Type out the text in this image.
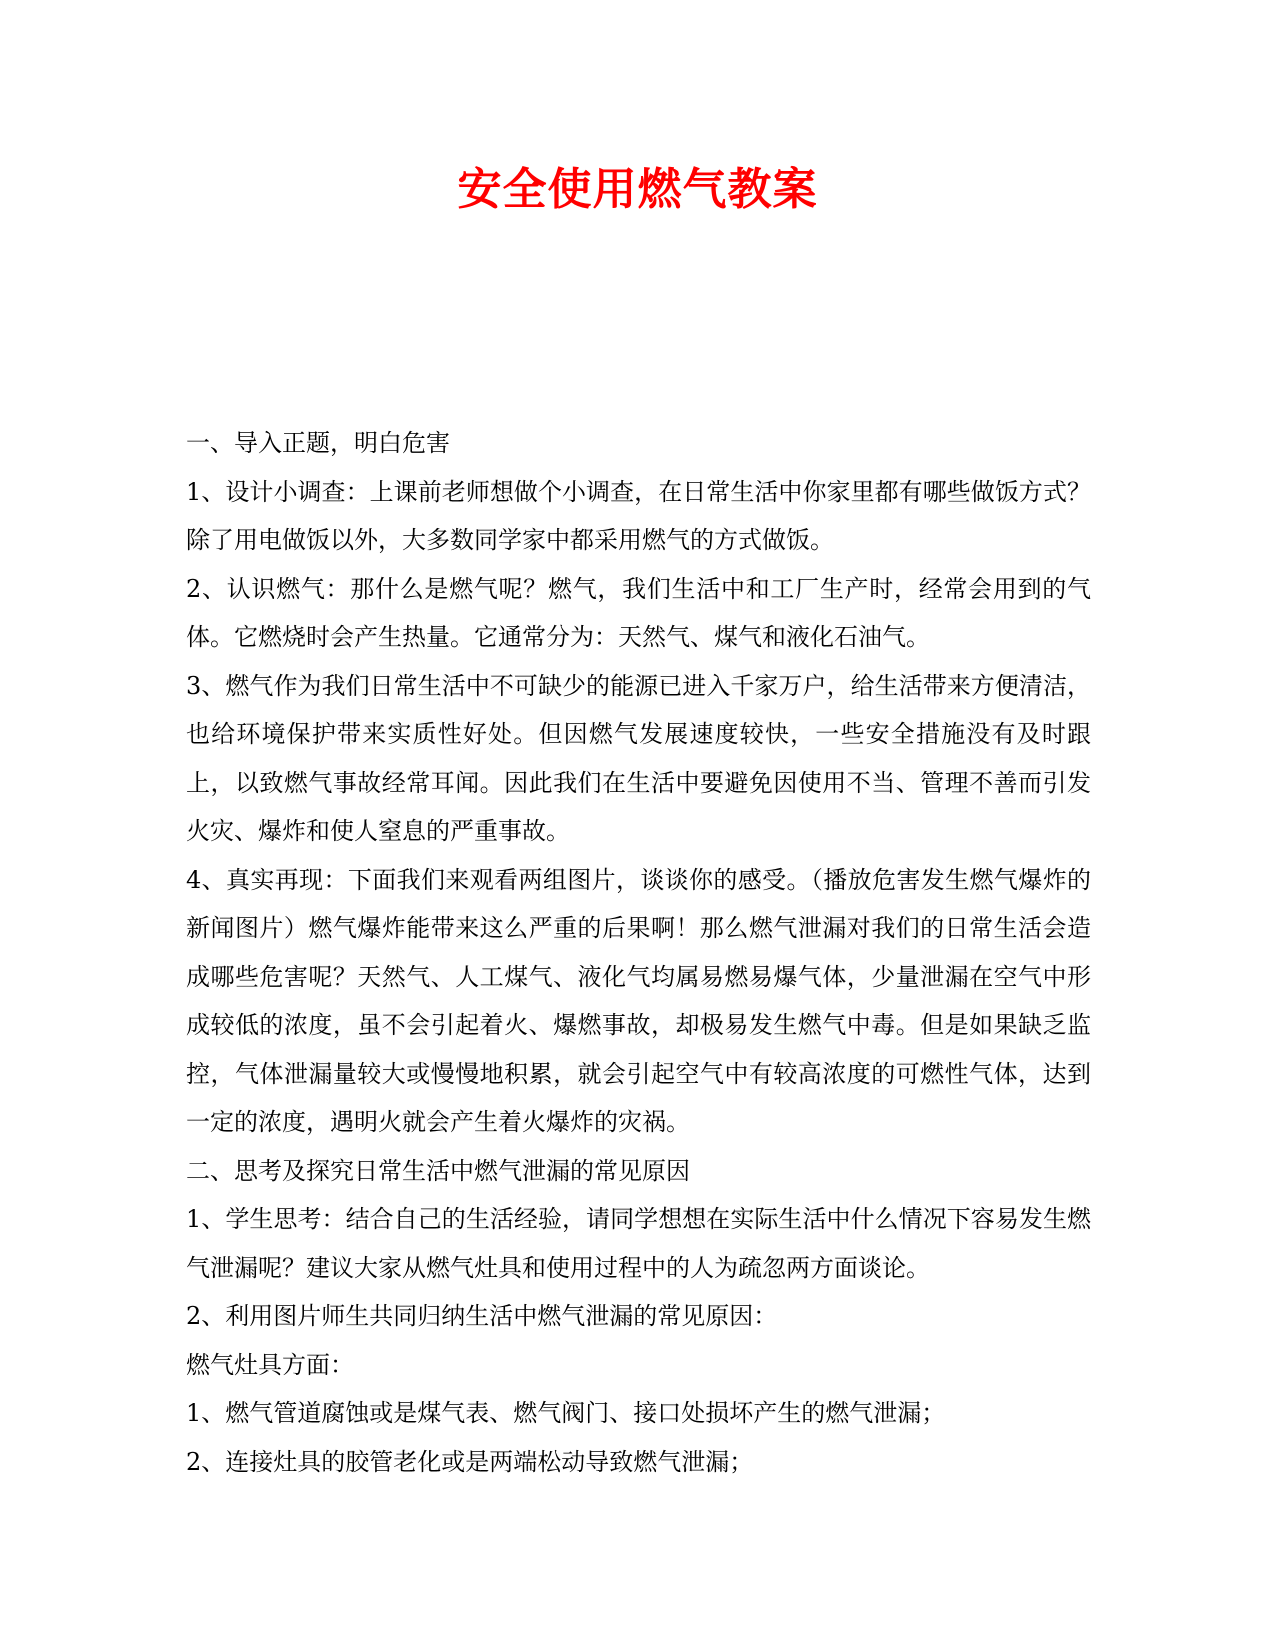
安全使用燃气教案

一、导入正题，明白危害

1、设计小调查：上课前老师想做个小调查，在日常生活中你家里都有哪些做饭方式？除了用电做饭以外，大多数同学家中都采用燃气的方式做饭。

2、认识燃气：那什么是燃气呢？燃气，我们生活中和工厂生产时，经常会用到的气体。它燃烧时会产生热量。它通常分为：天然气、煤气和液化石油气。

3、燃气作为我们日常生活中不可缺少的能源已进入千家万户，给生活带来方便清洁，也给环境保护带来实质性好处。但因燃气发展速度较快，一些安全措施没有及时跟上，以致燃气事故经常耳闻。因此我们在生活中要避免因使用不当、管理不善而引发火灾、爆炸和使人窒息的严重事故。

4、真实再现：下面我们来观看两组图片，谈谈你的感受。（播放危害发生燃气爆炸的新闻图片）燃气爆炸能带来这么严重的后果啊！那么燃气泄漏对我们的日常生活会造成哪些危害呢？天然气、人工煤气、液化气均属易燃易爆气体，少量泄漏在空气中形成较低的浓度，虽不会引起着火、爆燃事故，却极易发生燃气中毒。但是如果缺乏监控，气体泄漏量较大或慢慢地积累，就会引起空气中有较高浓度的可燃性气体，达到一定的浓度，遇明火就会产生着火爆炸的灾祸。

二、思考及探究日常生活中燃气泄漏的常见原因

1、学生思考：结合自己的生活经验，请同学想想在实际生活中什么情况下容易发生燃气泄漏呢？建议大家从燃气灶具和使用过程中的人为疏忽两方面谈论。

2、利用图片师生共同归纳生活中燃气泄漏的常见原因：

燃气灶具方面：

1、燃气管道腐蚀或是煤气表、燃气阀门、接口处损坏产生的燃气泄漏；

2、连接灶具的胶管老化或是两端松动导致燃气泄漏；
